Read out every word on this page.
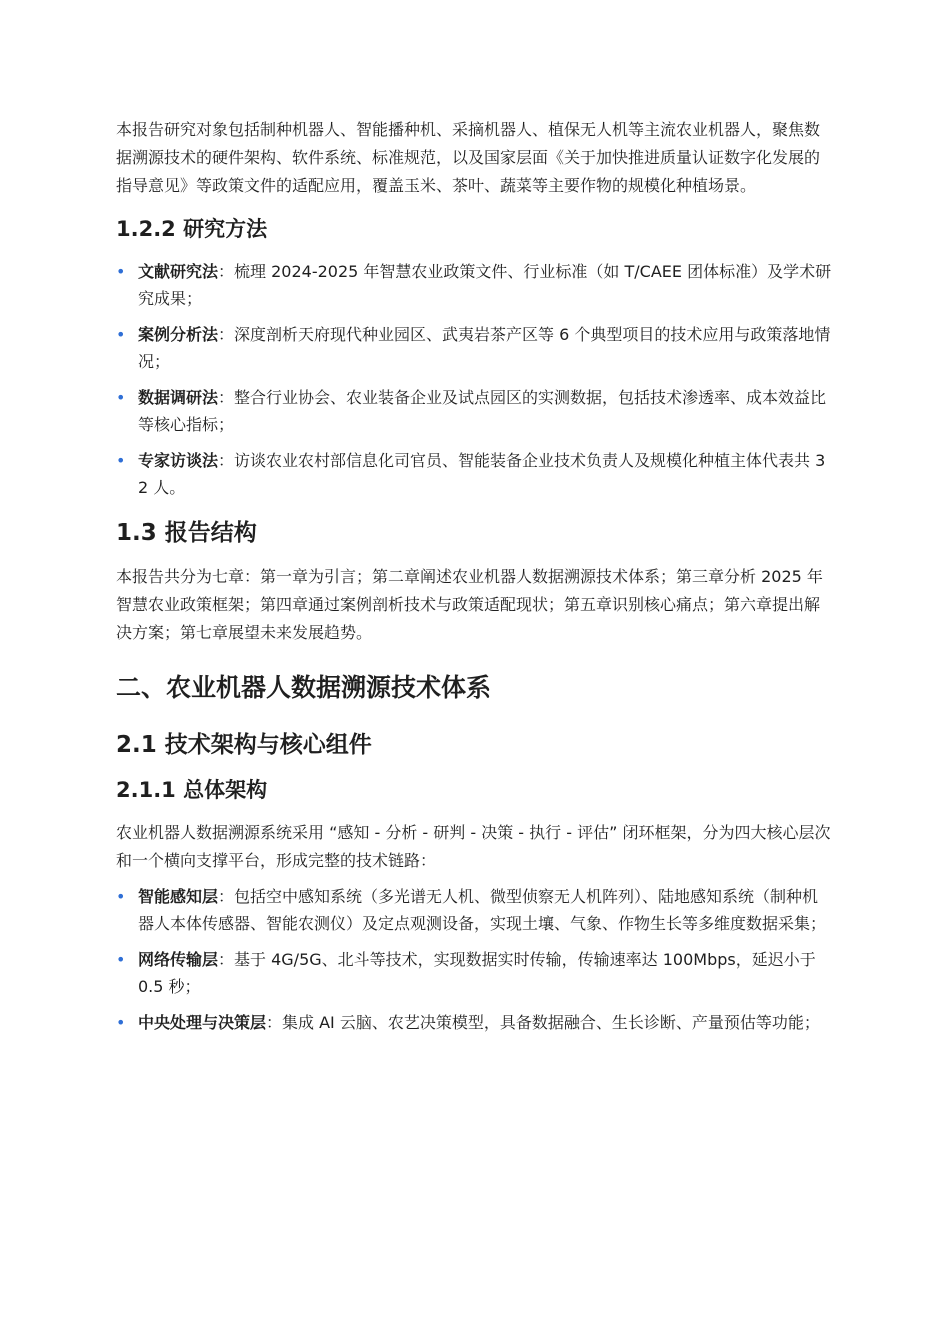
本报告研究对象包括制种机器人、智能播种机、采摘机器人、植保无人机等主流农业机器人，聚焦数据溯源技术的硬件架构、软件系统、标准规范，以及国家层面《关于加快推进质量认证数字化发展的指导意见》等政策文件的适配应用，覆盖玉米、茶叶、蔬菜等主要作物的规模化种植场景。

1.2.2 研究方法
• 文献研究法：梳理 2024-2025 年智慧农业政策文件、行业标准（如 T/CAEE 团体标准）及学术研究成果；
• 案例分析法：深度剖析天府现代种业园区、武夷岩茶产区等 6 个典型项目的技术应用与政策落地情况；
• 数据调研法：整合行业协会、农业装备企业及试点园区的实测数据，包括技术渗透率、成本效益比等核心指标；
• 专家访谈法：访谈农业农村部信息化司官员、智能装备企业技术负责人及规模化种植主体代表共 32 人。
1.3 报告结构

本报告共分为七章：第一章为引言；第二章阐述农业机器人数据溯源技术体系；第三章分析 2025 年智慧农业政策框架；第四章通过案例剖析技术与政策适配现状；第五章识别核心痛点；第六章提出解决方案；第七章展望未来发展趋势。

二、农业机器人数据溯源技术体系
2.1 技术架构与核心组件
2.1.1 总体架构

农业机器人数据溯源系统采用 “感知 - 分析 - 研判 - 决策 - 执行 - 评估” 闭环框架，分为四大核心层次和一个横向支撑平台，形成完整的技术链路：

• 智能感知层：包括空中感知系统（多光谱无人机、微型侦察无人机阵列）、陆地感知系统（制种机器人本体传感器、智能农测仪）及定点观测设备，实现土壤、气象、作物生长等多维度数据采集；
• 网络传输层：基于 4G/5G、北斗等技术，实现数据实时传输，传输速率达 100Mbps，延迟小于 0.5 秒；
• 中央处理与决策层：集成 AI 云脑、农艺决策模型，具备数据融合、生长诊断、产量预估等功能；
